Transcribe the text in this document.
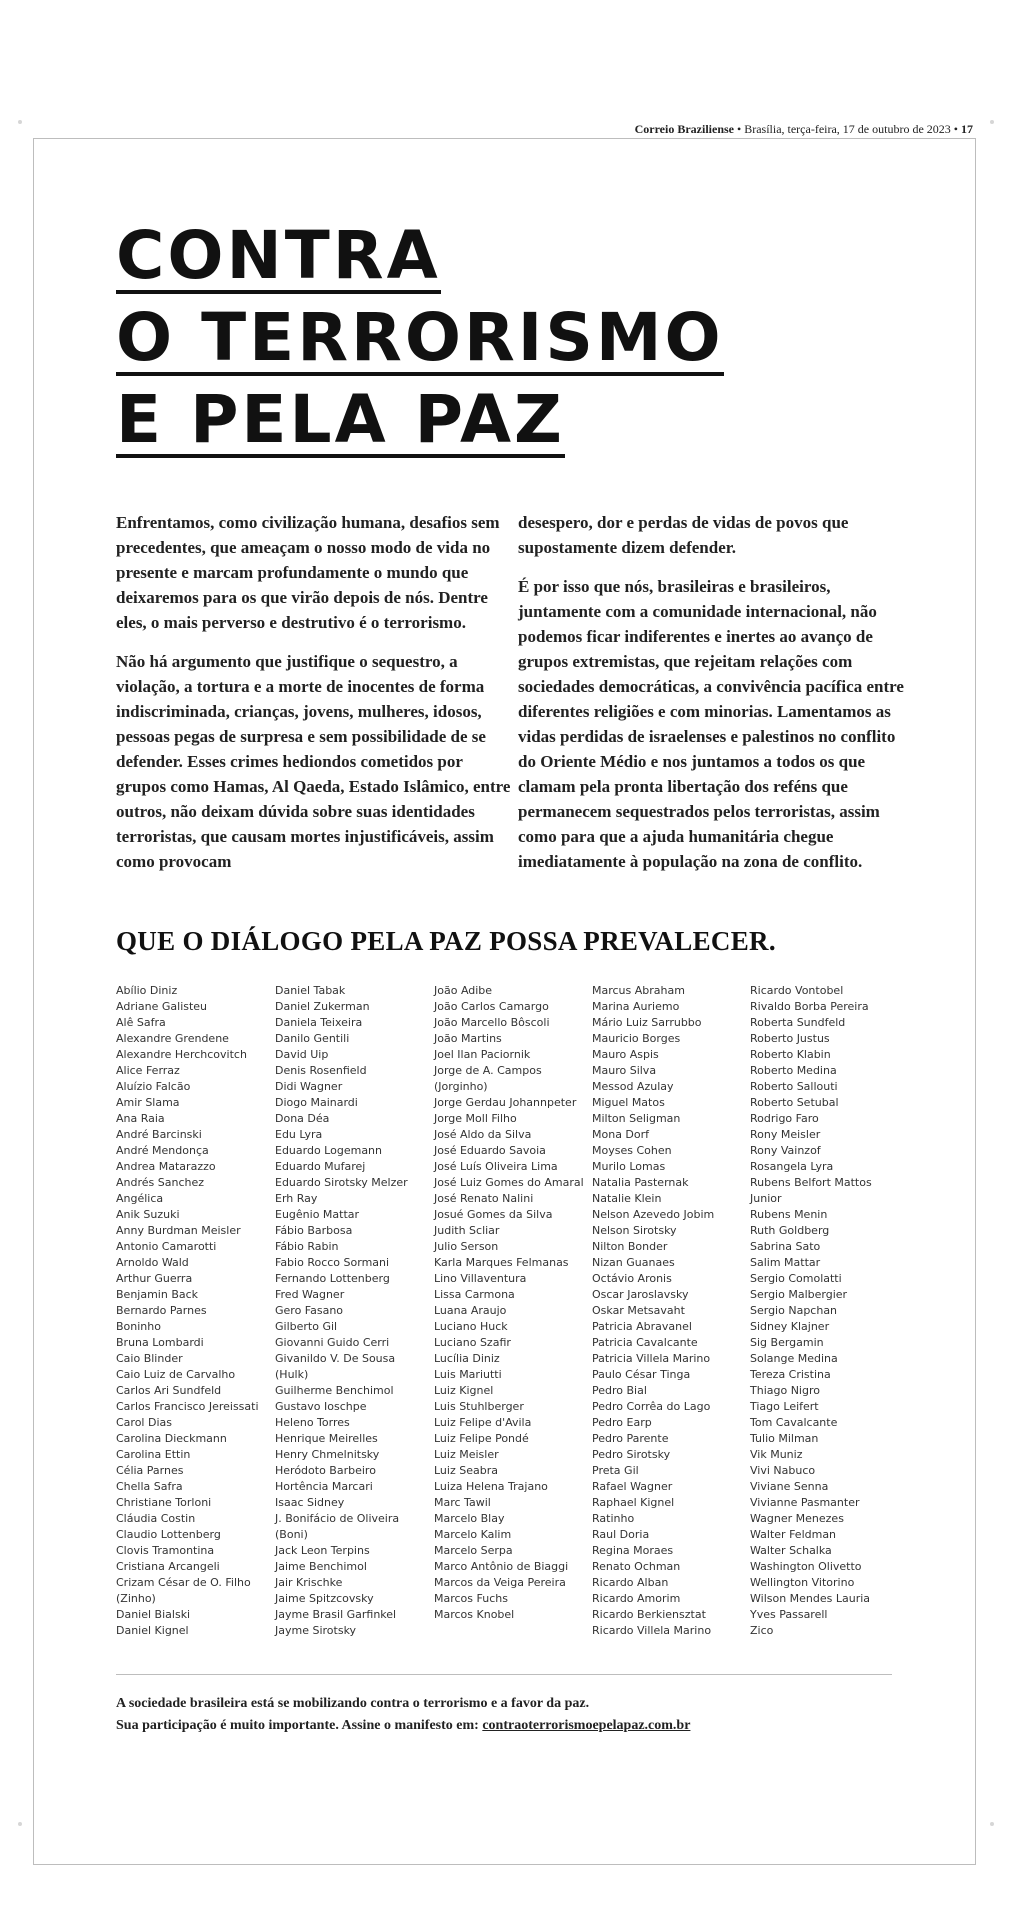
Correio Braziliense • Brasília, terça-feira, 17 de outubro de 2023 • 17
CONTRA
O TERRORISMO
E PELA PAZ

Enfrentamos, como civilização humana, desafios sem precedentes, que ameaçam o nosso modo de vida no presente e marcam profundamente o mundo que deixaremos para os que virão depois de nós. Dentre eles, o mais perverso e destrutivo é o terrorismo.

Não há argumento que justifique o sequestro, a violação, a tortura e a morte de inocentes de forma indiscriminada, crianças, jovens, mulheres, idosos, pessoas pegas de surpresa e sem possibilidade de se defender. Esses crimes hediondos cometidos por grupos como Hamas, Al Qaeda, Estado Islâmico, entre outros, não deixam dúvida sobre suas identidades terroristas, que causam mortes injustificáveis, assim como provocam

desespero, dor e perdas de vidas de povos que supostamente dizem defender.

É por isso que nós, brasileiras e brasileiros, juntamente com a comunidade internacional, não podemos ficar indiferentes e inertes ao avanço de grupos extremistas, que rejeitam relações com sociedades democráticas, a convivência pacífica entre diferentes religiões e com minorias. Lamentamos as vidas perdidas de israelenses e palestinos no conflito do Oriente Médio e nos juntamos a todos os que clamam pela pronta libertação dos reféns que permanecem sequestrados pelos terroristas, assim como para que a ajuda humanitária chegue imediatamente à população na zona de conflito.

QUE O DIÁLOGO PELA PAZ POSSA PREVALECER.
Abílio Diniz
Adriane Galisteu
Alê Safra
Alexandre Grendene
Alexandre Herchcovitch
Alice Ferraz
Aluízio Falcão
Amir Slama
Ana Raia
André Barcinski
André Mendonça
Andrea Matarazzo
Andrés Sanchez
Angélica
Anik Suzuki
Anny Burdman Meisler
Antonio Camarotti
Arnoldo Wald
Arthur Guerra
Benjamin Back
Bernardo Parnes
Boninho
Bruna Lombardi
Caio Blinder
Caio Luiz de Carvalho
Carlos Ari Sundfeld
Carlos Francisco Jereissati
Carol Dias
Carolina Dieckmann
Carolina Ettin
Célia Parnes
Chella Safra
Christiane Torloni
Cláudia Costin
Claudio Lottenberg
Clovis Tramontina
Cristiana Arcangeli
Crizam César de O. Filho (Zinho)
Daniel Bialski
Daniel Kignel
Daniel Tabak
Daniel Zukerman
Daniela Teixeira
Danilo Gentili
David Uip
Denis Rosenfield
Didi Wagner
Diogo Mainardi
Dona Déa
Edu Lyra
Eduardo Logemann
Eduardo Mufarej
Eduardo Sirotsky Melzer
Erh Ray
Eugênio Mattar
Fábio Barbosa
Fábio Rabin
Fabio Rocco Sormani
Fernando Lottenberg
Fred Wagner
Gero Fasano
Gilberto Gil
Giovanni Guido Cerri
Givanildo V. De Sousa (Hulk)
Guilherme Benchimol
Gustavo Ioschpe
Heleno Torres
Henrique Meirelles
Henry Chmelnitsky
Heródoto Barbeiro
Hortência Marcari
Isaac Sidney
J. Bonifácio de Oliveira (Boni)
Jack Leon Terpins
Jaime Benchimol
Jair Krischke
Jaime Spitzcovsky
Jayme Brasil Garfinkel
Jayme Sirotsky
João Adibe
João Carlos Camargo
João Marcello Bôscoli
João Martins
Joel Ilan Paciornik
Jorge de A. Campos (Jorginho)
Jorge Gerdau Johannpeter
Jorge Moll Filho
José Aldo da Silva
José Eduardo Savoia
José Luís Oliveira Lima
José Luiz Gomes do Amaral
José Renato Nalini
Josué Gomes da Silva
Judith Scliar
Julio Serson
Karla Marques Felmanas
Lino Villaventura
Lissa Carmona
Luana Araujo
Luciano Huck
Luciano Szafir
Lucília Diniz
Luis Mariutti
Luiz Kignel
Luis Stuhlberger
Luiz Felipe d'Avila
Luiz Felipe Pondé
Luiz Meisler
Luiz Seabra
Luiza Helena Trajano
Marc Tawil
Marcelo Blay
Marcelo Kalim
Marcelo Serpa
Marco Antônio de Biaggi
Marcos da Veiga Pereira
Marcos Fuchs
Marcos Knobel
Marcus Abraham
Marina Auriemo
Mário Luiz Sarrubbo
Mauricio Borges
Mauro Aspis
Mauro Silva
Messod Azulay
Miguel Matos
Milton Seligman
Mona Dorf
Moyses Cohen
Murilo Lomas
Natalia Pasternak
Natalie Klein
Nelson Azevedo Jobim
Nelson Sirotsky
Nilton Bonder
Nizan Guanaes
Octávio Aronis
Oscar Jaroslavsky
Oskar Metsavaht
Patricia Abravanel
Patricia Cavalcante
Patricia Villela Marino
Paulo César Tinga
Pedro Bial
Pedro Corrêa do Lago
Pedro Earp
Pedro Parente
Pedro Sirotsky
Preta Gil
Rafael Wagner
Raphael Kignel
Ratinho
Raul Doria
Regina Moraes
Renato Ochman
Ricardo Alban
Ricardo Amorim
Ricardo Berkiensztat
Ricardo Villela Marino
Ricardo Vontobel
Rivaldo Borba Pereira
Roberta Sundfeld
Roberto Justus
Roberto Klabin
Roberto Medina
Roberto Sallouti
Roberto Setubal
Rodrigo Faro
Rony Meisler
Rony Vainzof
Rosangela Lyra
Rubens Belfort Mattos Junior
Rubens Menin
Ruth Goldberg
Sabrina Sato
Salim Mattar
Sergio Comolatti
Sergio Malbergier
Sergio Napchan
Sidney Klajner
Sig Bergamin
Solange Medina
Tereza Cristina
Thiago Nigro
Tiago Leifert
Tom Cavalcante
Tulio Milman
Vik Muniz
Vivi Nabuco
Viviane Senna
Vivianne Pasmanter
Wagner Menezes
Walter Feldman
Walter Schalka
Washington Olivetto
Wellington Vitorino
Wilson Mendes Lauria
Yves Passarell
Zico
A sociedade brasileira está se mobilizando contra o terrorismo e a favor da paz.
Sua participação é muito importante. Assine o manifesto em: contraoterrorismoepelapaz.com.br
